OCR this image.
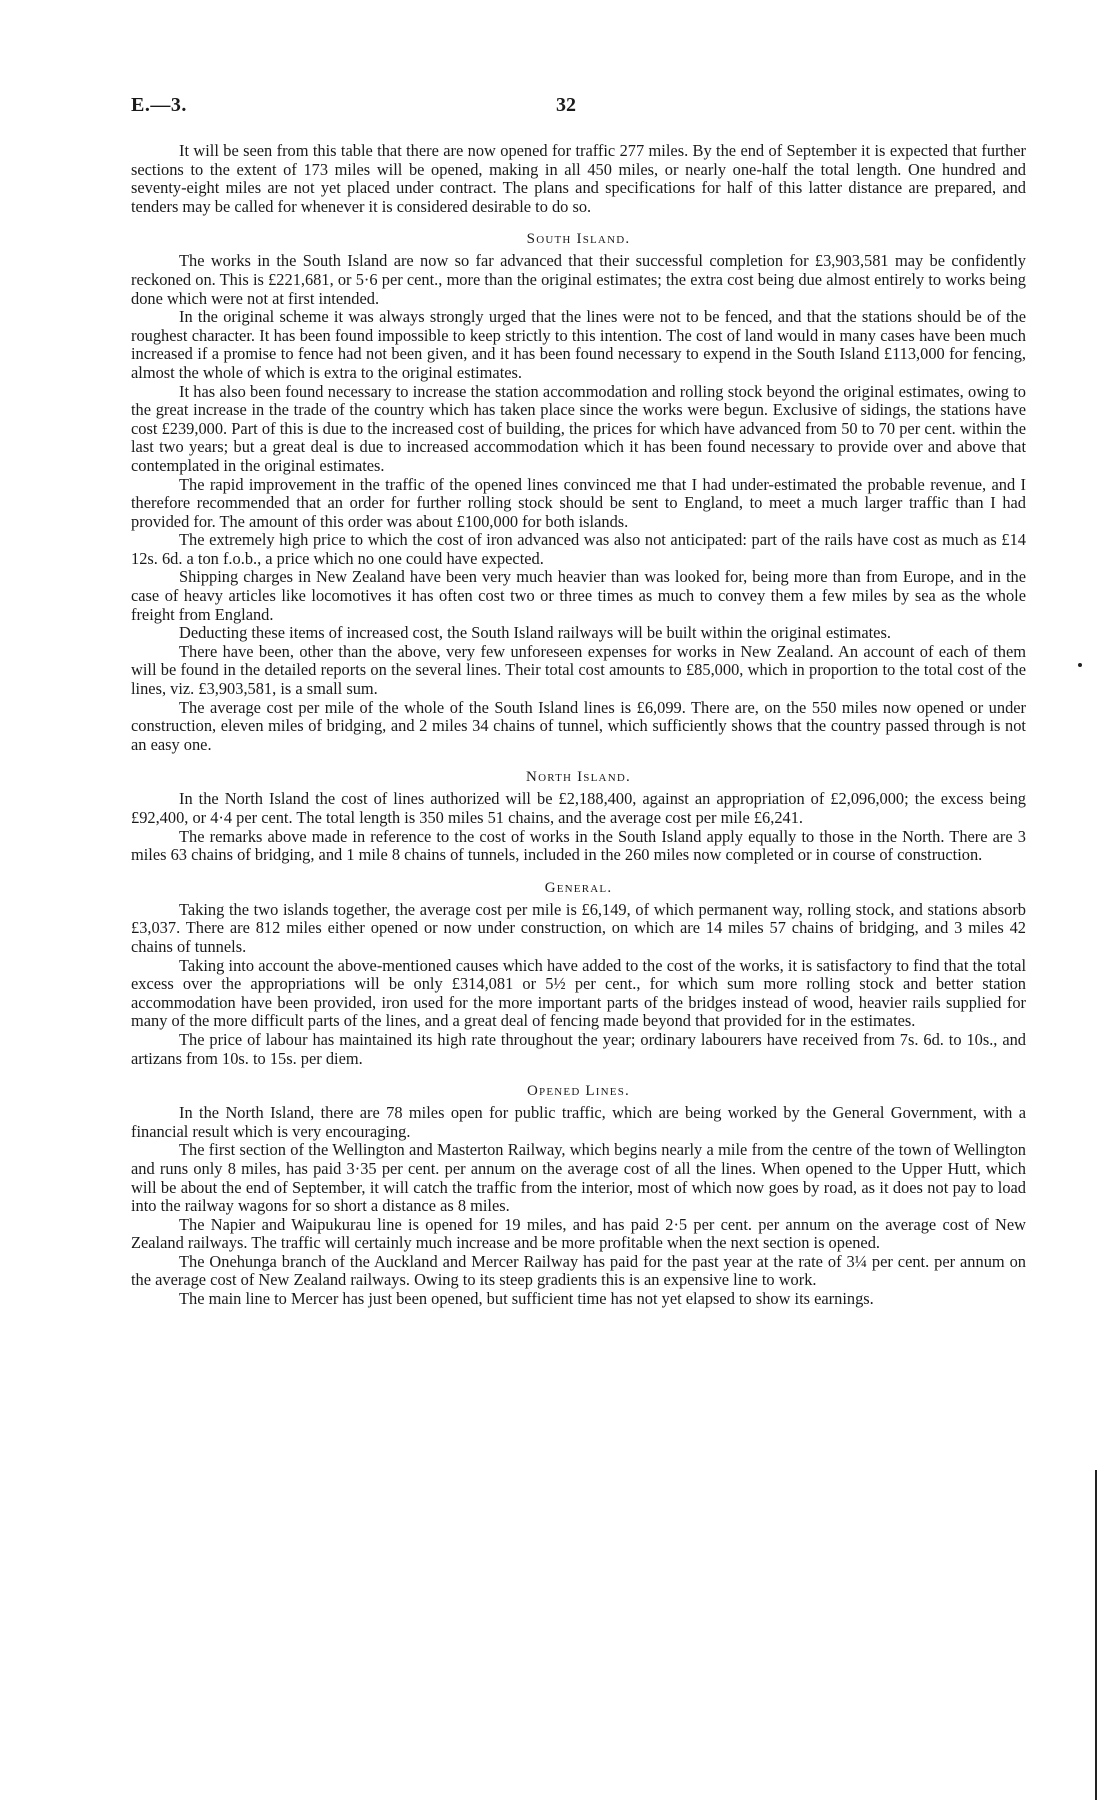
E.—3.	32

It will be seen from this table that there are now opened for traffic 277 miles. By the end of September it is expected that further sections to the extent of 173 miles will be opened, making in all 450 miles, or nearly one-half the total length. One hundred and seventy-eight miles are not yet placed under contract. The plans and specifications for half of this latter distance are prepared, and tenders may be called for whenever it is considered desirable to do so.

South Island.

The works in the South Island are now so far advanced that their successful completion for £3,903,581 may be confidently reckoned on. This is £221,681, or 5·6 per cent., more than the original estimates; the extra cost being due almost entirely to works being done which were not at first intended.

In the original scheme it was always strongly urged that the lines were not to be fenced, and that the stations should be of the roughest character. It has been found impossible to keep strictly to this intention. The cost of land would in many cases have been much increased if a promise to fence had not been given, and it has been found necessary to expend in the South Island £113,000 for fencing, almost the whole of which is extra to the original estimates.

It has also been found necessary to increase the station accommodation and rolling stock beyond the original estimates, owing to the great increase in the trade of the country which has taken place since the works were begun. Exclusive of sidings, the stations have cost £239,000. Part of this is due to the increased cost of building, the prices for which have advanced from 50 to 70 per cent. within the last two years; but a great deal is due to increased accommodation which it has been found necessary to provide over and above that contemplated in the original estimates.

The rapid improvement in the traffic of the opened lines convinced me that I had under-estimated the probable revenue, and I therefore recommended that an order for further rolling stock should be sent to England, to meet a much larger traffic than I had provided for. The amount of this order was about £100,000 for both islands.

The extremely high price to which the cost of iron advanced was also not anticipated: part of the rails have cost as much as £14 12s. 6d. a ton f.o.b., a price which no one could have expected.

Shipping charges in New Zealand have been very much heavier than was looked for, being more than from Europe, and in the case of heavy articles like locomotives it has often cost two or three times as much to convey them a few miles by sea as the whole freight from England.

Deducting these items of increased cost, the South Island railways will be built within the original estimates.

There have been, other than the above, very few unforeseen expenses for works in New Zealand. An account of each of them will be found in the detailed reports on the several lines. Their total cost amounts to £85,000, which in proportion to the total cost of the lines, viz. £3,903,581, is a small sum.

The average cost per mile of the whole of the South Island lines is £6,099. There are, on the 550 miles now opened or under construction, eleven miles of bridging, and 2 miles 34 chains of tunnel, which sufficiently shows that the country passed through is not an easy one.

North Island.

In the North Island the cost of lines authorized will be £2,188,400, against an appropriation of £2,096,000; the excess being £92,400, or 4·4 per cent. The total length is 350 miles 51 chains, and the average cost per mile £6,241.

The remarks above made in reference to the cost of works in the South Island apply equally to those in the North. There are 3 miles 63 chains of bridging, and 1 mile 8 chains of tunnels, included in the 260 miles now completed or in course of construction.

General.

Taking the two islands together, the average cost per mile is £6,149, of which permanent way, rolling stock, and stations absorb £3,037. There are 812 miles either opened or now under construction, on which are 14 miles 57 chains of bridging, and 3 miles 42 chains of tunnels.

Taking into account the above-mentioned causes which have added to the cost of the works, it is satisfactory to find that the total excess over the appropriations will be only £314,081 or 5½ per cent., for which sum more rolling stock and better station accommodation have been provided, iron used for the more important parts of the bridges instead of wood, heavier rails supplied for many of the more difficult parts of the lines, and a great deal of fencing made beyond that provided for in the estimates.

The price of labour has maintained its high rate throughout the year; ordinary labourers have received from 7s. 6d. to 10s., and artizans from 10s. to 15s. per diem.

Opened Lines.

In the North Island, there are 78 miles open for public traffic, which are being worked by the General Government, with a financial result which is very encouraging.

The first section of the Wellington and Masterton Railway, which begins nearly a mile from the centre of the town of Wellington and runs only 8 miles, has paid 3·35 per cent. per annum on the average cost of all the lines. When opened to the Upper Hutt, which will be about the end of September, it will catch the traffic from the interior, most of which now goes by road, as it does not pay to load into the railway wagons for so short a distance as 8 miles.

The Napier and Waipukurau line is opened for 19 miles, and has paid 2·5 per cent. per annum on the average cost of New Zealand railways. The traffic will certainly much increase and be more profitable when the next section is opened.

The Onehunga branch of the Auckland and Mercer Railway has paid for the past year at the rate of 3¼ per cent. per annum on the average cost of New Zealand railways. Owing to its steep gradients this is an expensive line to work.

The main line to Mercer has just been opened, but sufficient time has not yet elapsed to show its earnings.
